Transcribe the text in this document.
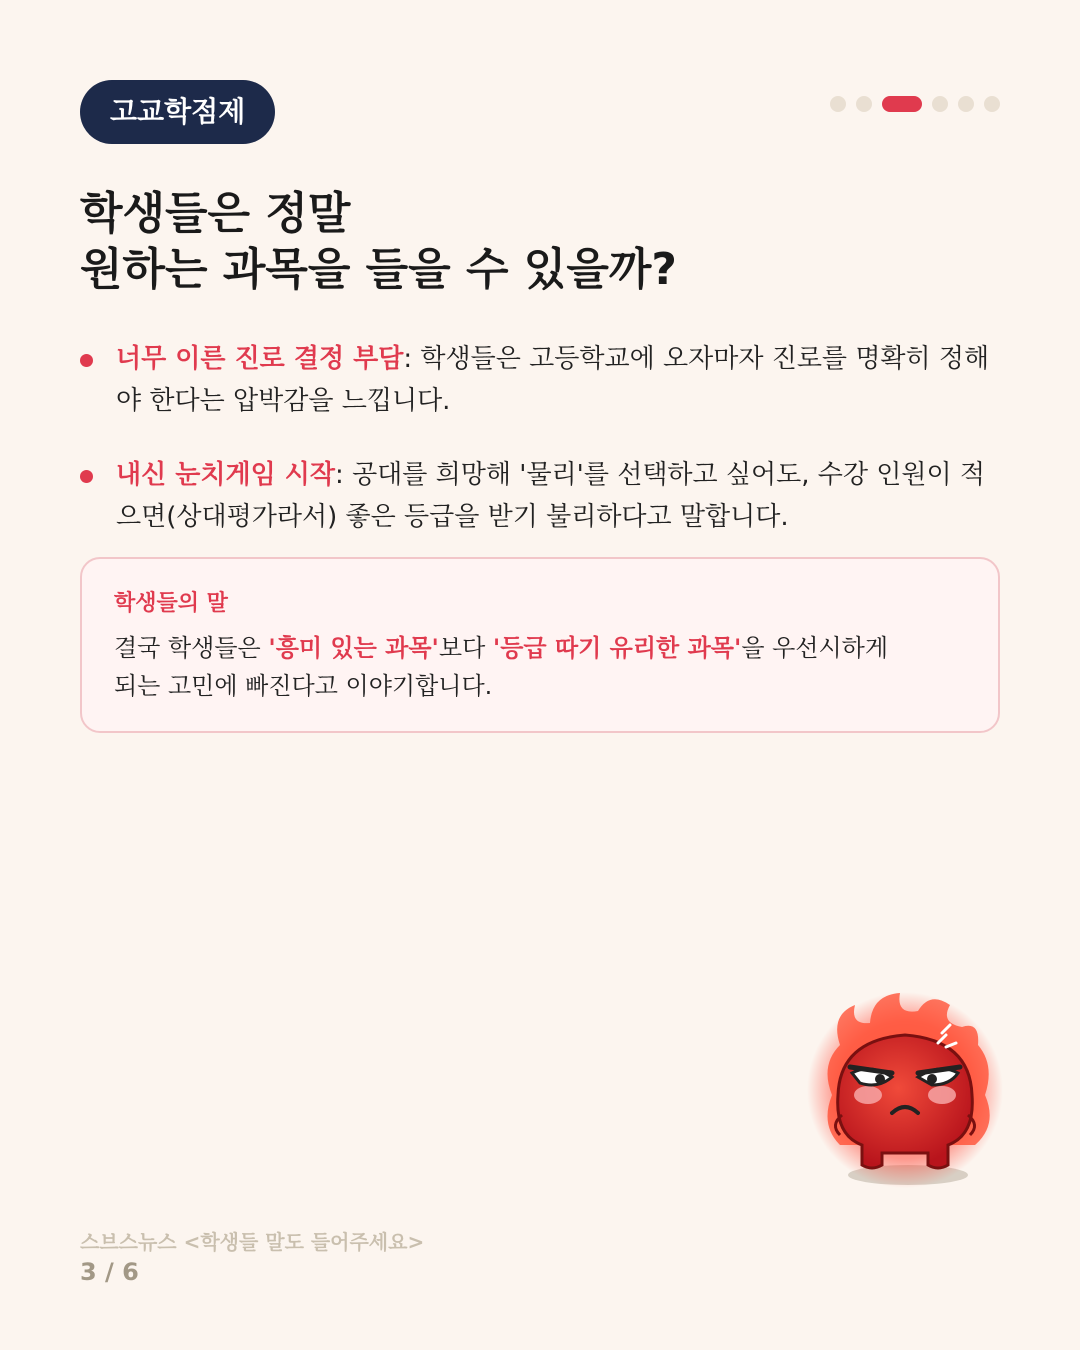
고교학점제
학생들은 정말
원하는 과목을 들을 수 있을까?
너무 이른 진로 결정 부담: 학생들은 고등학교에 오자마자 진로를 명확히 정해야 한다는 압박감을 느낍니다.
내신 눈치게임 시작: 공대를 희망해 '물리'를 선택하고 싶어도, 수강 인원이 적으면(상대평가라서) 좋은 등급을 받기 불리하다고 말합니다.
학생들의 말
결국 학생들은 '흥미 있는 과목'보다 '등급 따기 유리한 과목'을 우선시하게
되는 고민에 빠진다고 이야기합니다.
스브스뉴스 <학생들 말도 들어주세요>
3 / 6
